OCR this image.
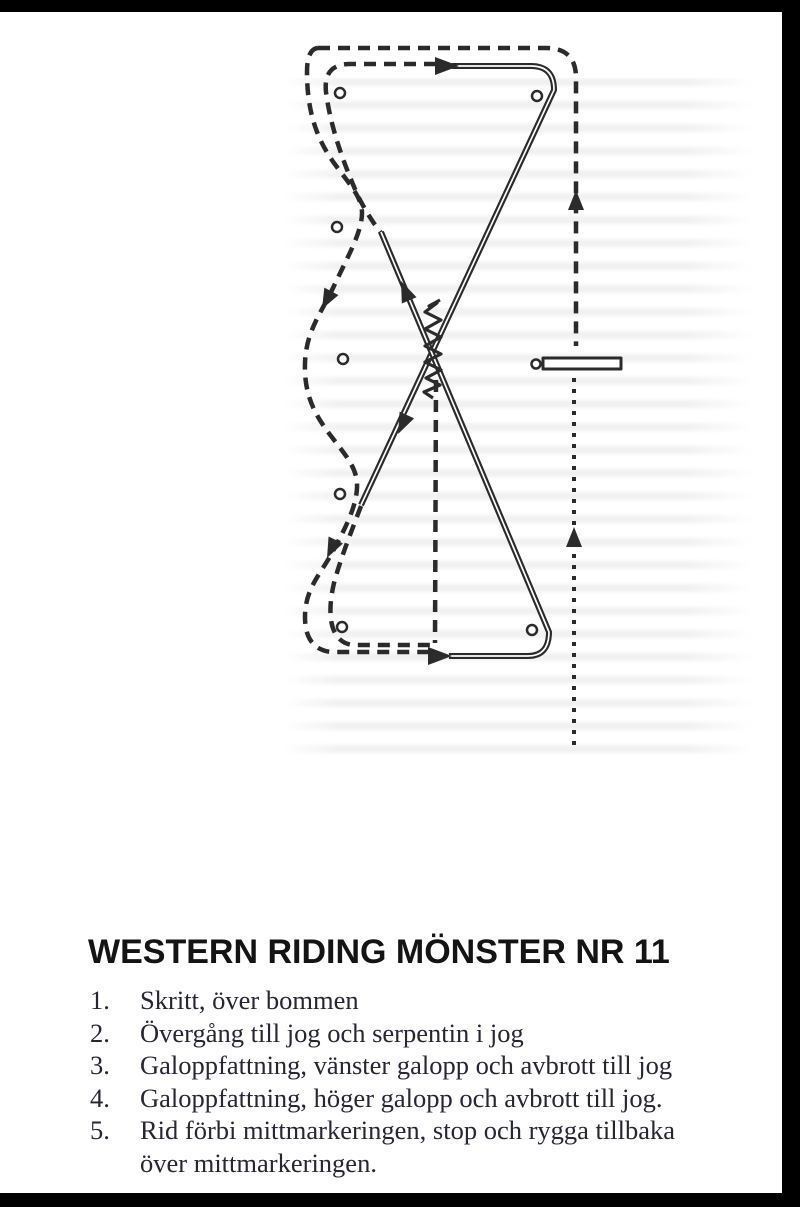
WESTERN RIDING MÖNSTER NR 11
1. Skritt, över bommen
2. Övergång till jog och serpentin i jog
3. Galoppfattning, vänster galopp och avbrott till jog
4. Galoppfattning, höger galopp och avbrott till jog.
5. Rid förbi mittmarkeringen, stop och rygga tillbaka
över mittmarkeringen.
